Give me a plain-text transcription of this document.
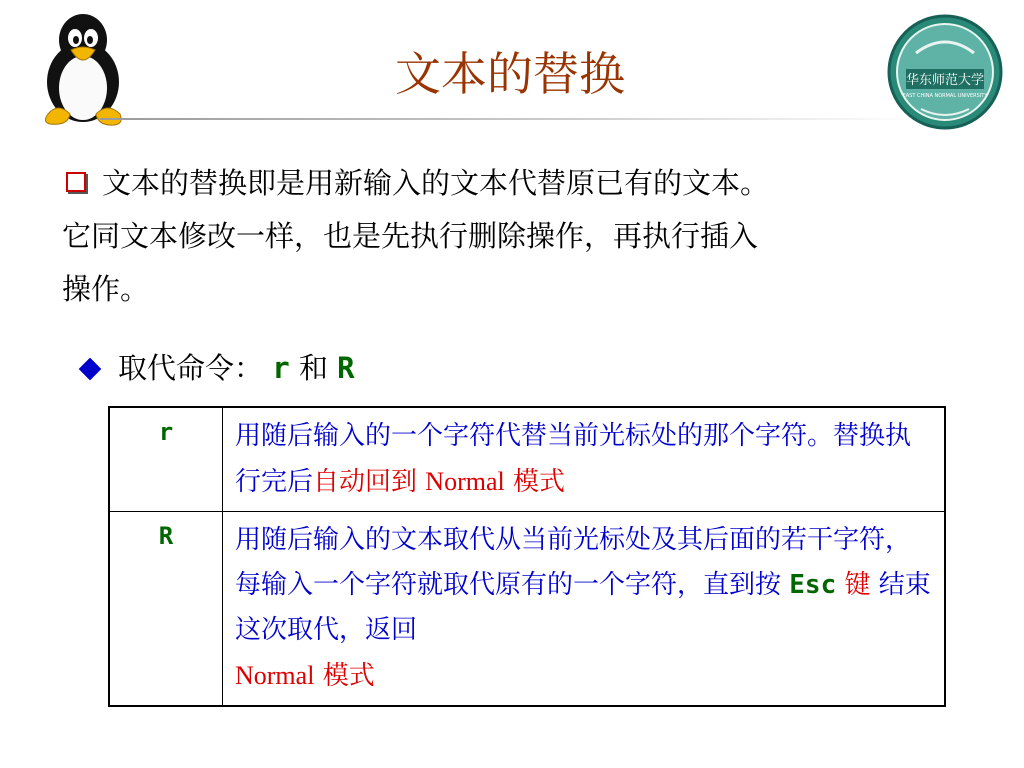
文本的替换	华东师范大学
EAST CHINA NORMAL UNIVERSITY
文本的替换即是用新输入的文本代替原已有的文本。
它同文本修改一样，也是先执行删除操作，再执行插入
操作。
取代命令： r 和 R
r	用随后输入的一个字符代替当前光标处的那个字符。替换执行完后自动回到 Normal 模式
R	用随后输入的文本取代从当前光标处及其后面的若干字符，每输入一个字符就取代原有的一个字符，直到按 Esc 键 结束这次取代，返回
Normal 模式
